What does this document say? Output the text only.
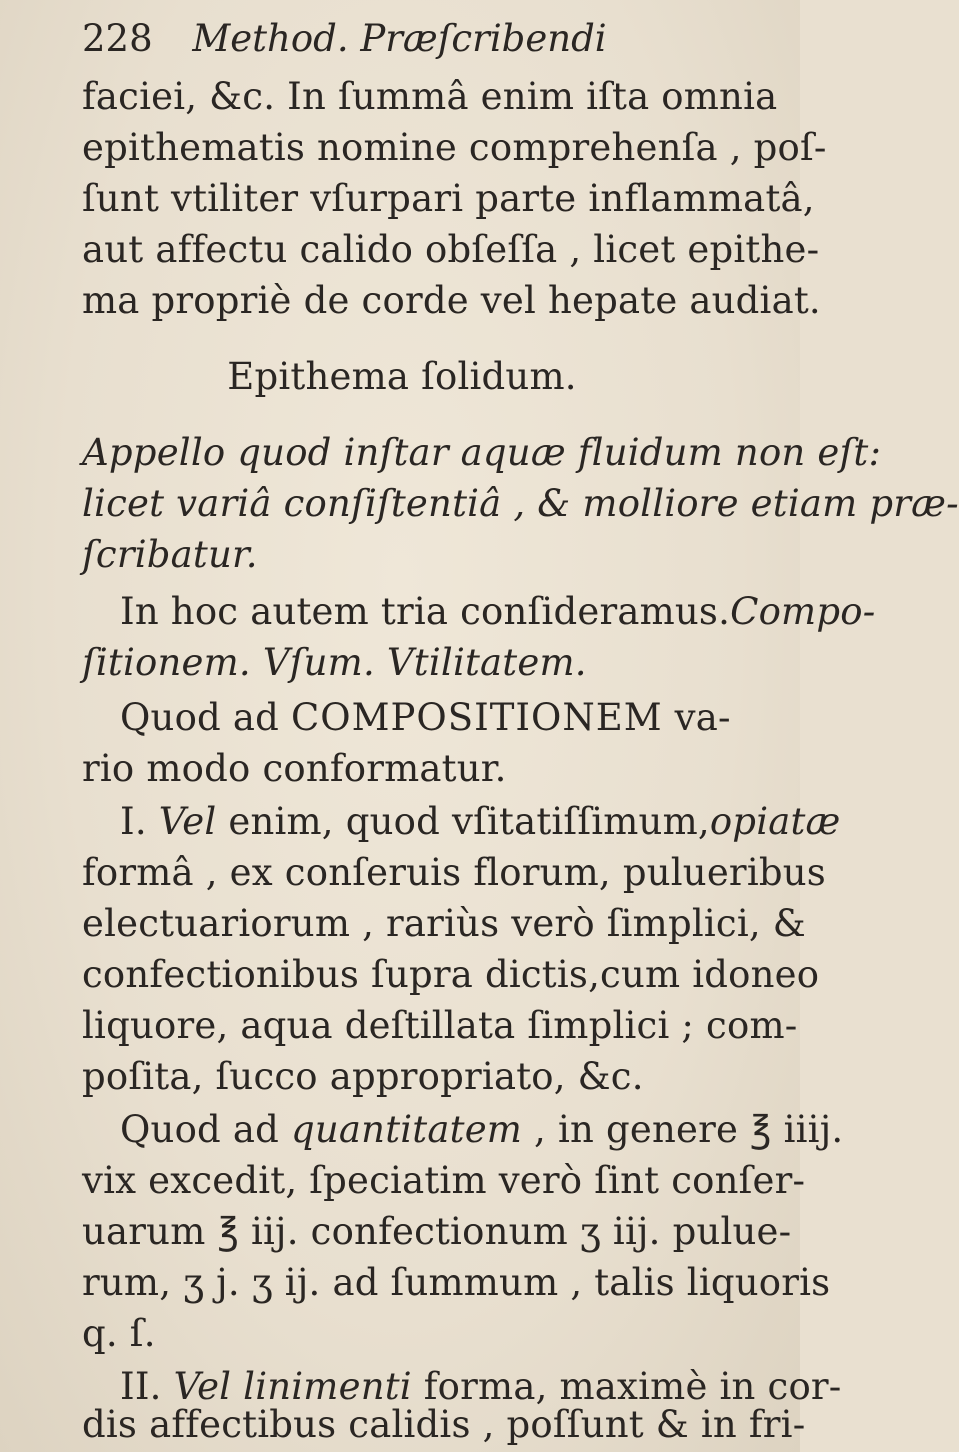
228 Method. Præſcribendi
faciei, &c. In ſummâ enim iſta omnia
epithematis nomine comprehenſa , poſ-
ſunt vtiliter vſurpari parte inflammatâ,
aut affectu calido obſeſſa , licet epithe-
ma propriè de corde vel hepate audiat.
Epithema ſolidum.
Appello quod inſtar aquæ fluidum non eſt:
licet variâ conſiſtentiâ , & molliore etiam præ-
ſcribatur.
In hoc autem tria conſideramus.Compo-
ſitionem. Vſum. Vtilitatem.
Quod ad COMPOSITIONEM va-
rio modo conformatur.
I. Vel enim, quod vſitatiſſimum,opiatæ
formâ , ex conſeruis florum, pulueribus
electuariorum , rariùs verò ſimplici, &
confectionibus ſupra dictis,cum idoneo
liquore, aqua deſtillata ſimplici ; com-
poſita, ſucco appropriato, &c.
Quod ad quantitatem , in genere ℥ iiij.
vix excedit, ſpeciatim verò ſint conſer-
uarum ℥ iij. confectionum ʒ iij. pulue-
rum, ʒ j. ʒ ij. ad ſummum , talis liquoris
q. ſ.
II. Vel linimenti forma, maximè in cor-
dis affectibus calidis , poſſunt & in fri-
